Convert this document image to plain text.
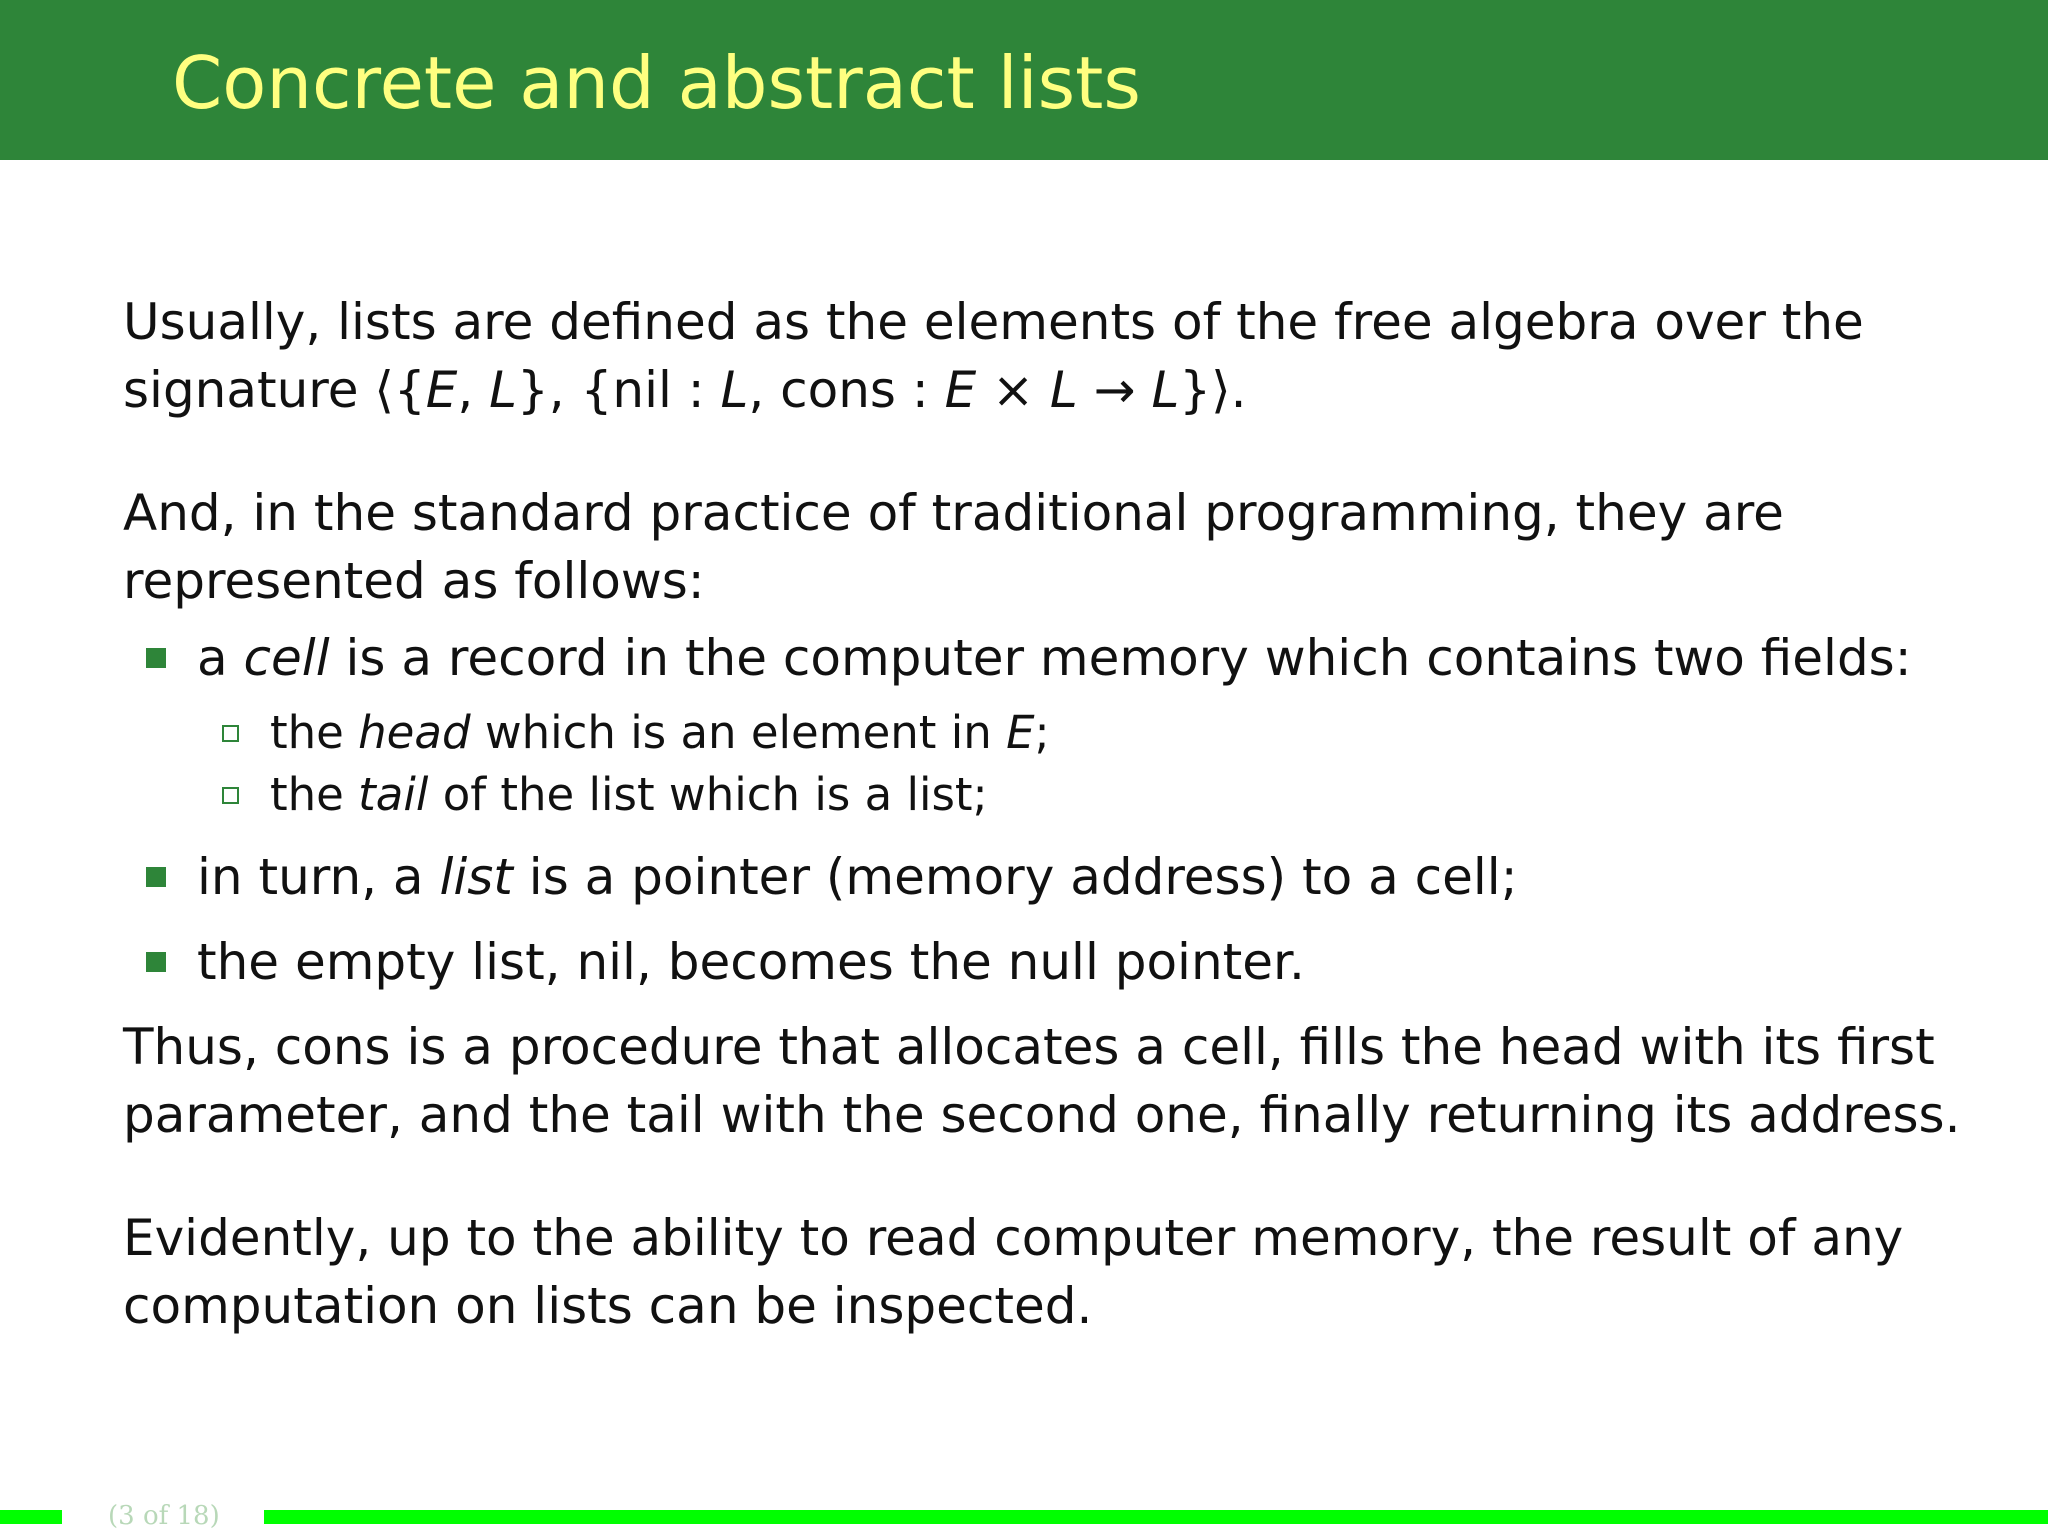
Concrete and abstract lists
Usually, lists are defined as the elements of the free algebra over the
signature ⟨{E, L}, {nil : L, cons : E × L → L}⟩.
And, in the standard practice of traditional programming, they are
represented as follows:
a cell is a record in the computer memory which contains two fields:
the head which is an element in E;
the tail of the list which is a list;
in turn, a list is a pointer (memory address) to a cell;
the empty list, nil, becomes the null pointer.
Thus, cons is a procedure that allocates a cell, fills the head with its first
parameter, and the tail with the second one, finally returning its address.
Evidently, up to the ability to read computer memory, the result of any
computation on lists can be inspected.
(3 of 18)
